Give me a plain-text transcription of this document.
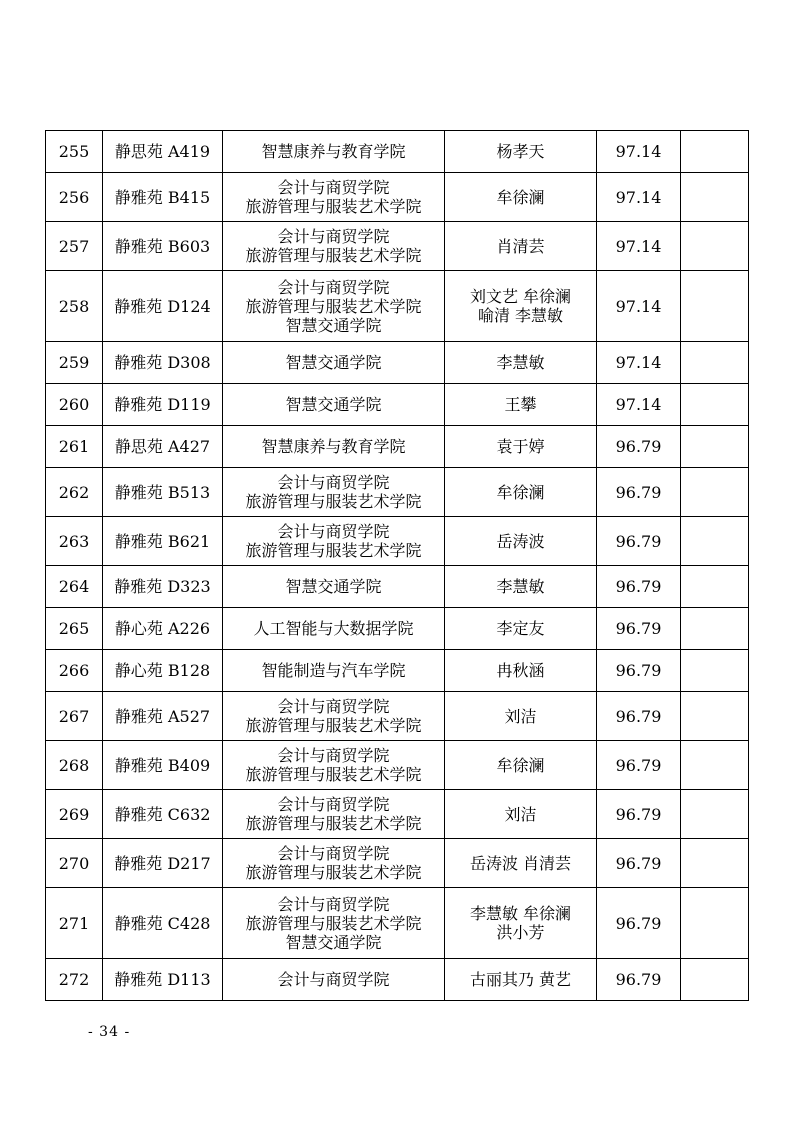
255	静思苑 A419	智慧康养与教育学院	杨孝天	97.14	
256	静雅苑 B415	会计与商贸学院
旅游管理与服装艺术学院	牟徐澜	97.14	
257	静雅苑 B603	会计与商贸学院
旅游管理与服装艺术学院	肖清芸	97.14	
258	静雅苑 D124	会计与商贸学院
旅游管理与服装艺术学院
智慧交通学院	刘文艺 牟徐澜
喻清 李慧敏	97.14	
259	静雅苑 D308	智慧交通学院	李慧敏	97.14	
260	静雅苑 D119	智慧交通学院	王攀	97.14	
261	静思苑 A427	智慧康养与教育学院	袁于婷	96.79	
262	静雅苑 B513	会计与商贸学院
旅游管理与服装艺术学院	牟徐澜	96.79	
263	静雅苑 B621	会计与商贸学院
旅游管理与服装艺术学院	岳涛波	96.79	
264	静雅苑 D323	智慧交通学院	李慧敏	96.79	
265	静心苑 A226	人工智能与大数据学院	李定友	96.79	
266	静心苑 B128	智能制造与汽车学院	冉秋涵	96.79	
267	静雅苑 A527	会计与商贸学院
旅游管理与服装艺术学院	刘洁	96.79	
268	静雅苑 B409	会计与商贸学院
旅游管理与服装艺术学院	牟徐澜	96.79	
269	静雅苑 C632	会计与商贸学院
旅游管理与服装艺术学院	刘洁	96.79	
270	静雅苑 D217	会计与商贸学院
旅游管理与服装艺术学院	岳涛波 肖清芸	96.79	
271	静雅苑 C428	会计与商贸学院
旅游管理与服装艺术学院
智慧交通学院	李慧敏 牟徐澜
洪小芳	96.79	
272	静雅苑 D113	会计与商贸学院	古丽其乃 黄艺	96.79	
- 34 -
